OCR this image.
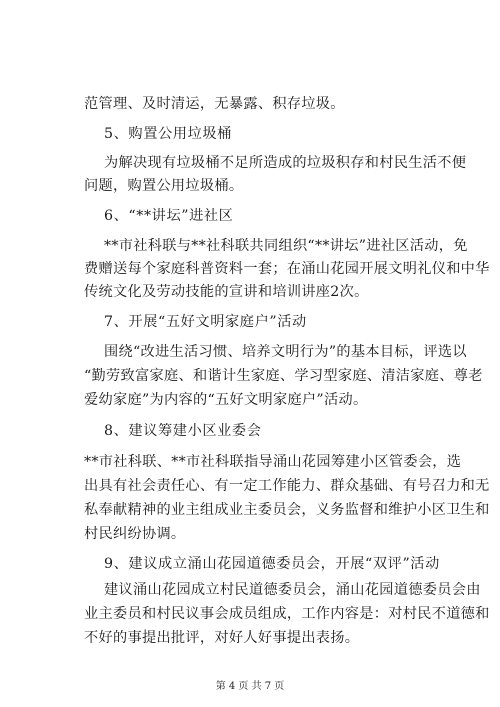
范管理、及时清运，无暴露、积存垃圾。
5、购置公用垃圾桶
为解决现有垃圾桶不足所造成的垃圾积存和村民生活不便
问题，购置公用垃圾桶。
6、“**讲坛”进社区
**市社科联与**社科联共同组织“**讲坛”进社区活动，免
费赠送每个家庭科普资料一套；在涌山花园开展文明礼仪和中华
传统文化及劳动技能的宣讲和培训讲座2次。
7、开展“五好文明家庭户”活动
围绕“改进生活习惯、培养文明行为”的基本目标，评选以
“勤劳致富家庭、和谐计生家庭、学习型家庭、清洁家庭、尊老
爱幼家庭”为内容的“五好文明家庭户”活动。
8、建议筹建小区业委会
**市社科联、**市社科联指导涌山花园筹建小区管委会，选
出具有社会责任心、有一定工作能力、群众基础、有号召力和无
私奉献精神的业主组成业主委员会，义务监督和维护小区卫生和
村民纠纷协调。
9、建议成立涌山花园道德委员会，开展“双评”活动
建议涌山花园成立村民道德委员会，涌山花园道德委员会由
业主委员和村民议事会成员组成，工作内容是：对村民不道德和
不好的事提出批评，对好人好事提出表扬。
第 4 页 共 7 页
